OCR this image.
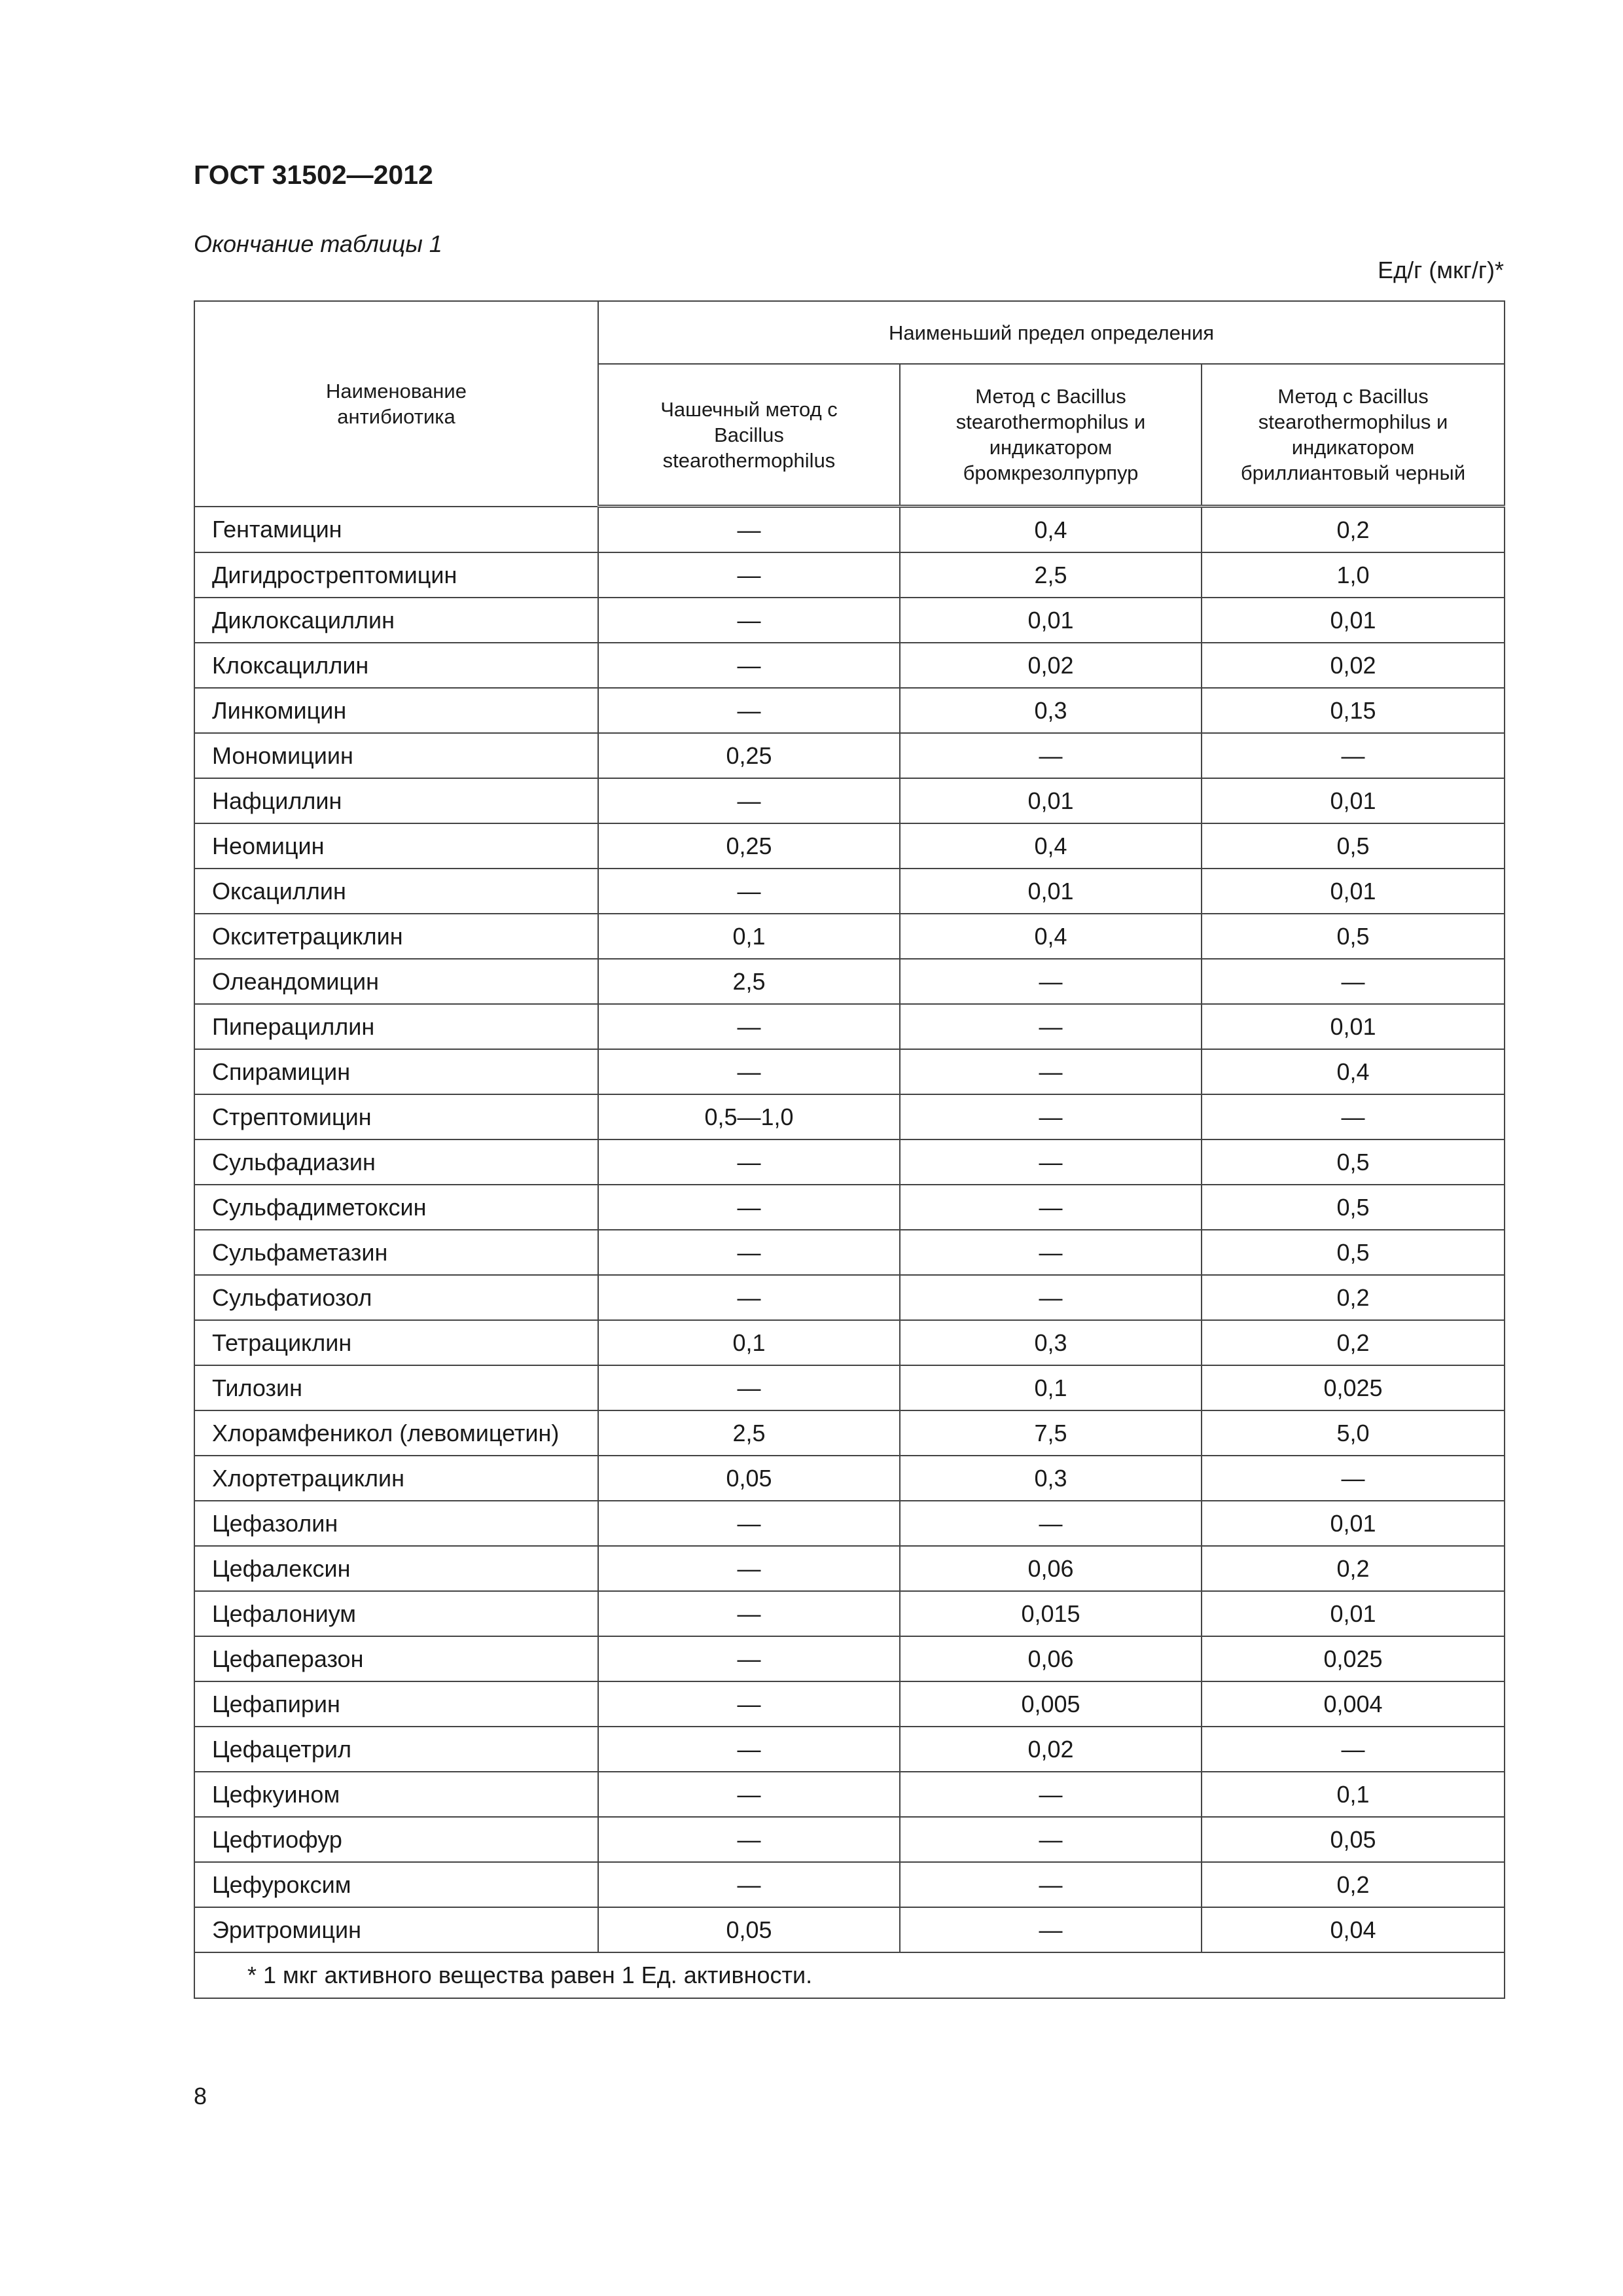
ГОСТ 31502—2012
Окончание таблицы 1
Ед/г (мкг/г)*
Наименование антибиотика	Наименьший предел определения		
	Чашечный метод с Bacillus stearothermophilus	Метод с Bacillus stearothermophilus и индикатором бромкрезолпурпур	Метод с Bacillus stearothermophilus и индикатором бриллиантовый черный
Гентамицин	—	0,4	0,2
Дигидрострептомицин	—	2,5	1,0
Диклоксациллин	—	0,01	0,01
Клоксациллин	—	0,02	0,02
Линкомицин	—	0,3	0,15
Мономициин	0,25	—	—
Нафциллин	—	0,01	0,01
Неомицин	0,25	0,4	0,5
Оксациллин	—	0,01	0,01
Окситетрациклин	0,1	0,4	0,5
Олеандомицин	2,5	—	—
Пиперациллин	—	—	0,01
Спирамицин	—	—	0,4
Стрептомицин	0,5—1,0	—	—
Сульфадиазин	—	—	0,5
Сульфадиметоксин	—	—	0,5
Сульфаметазин	—	—	0,5
Сульфатиозол	—	—	0,2
Тетрациклин	0,1	0,3	0,2
Тилозин	—	0,1	0,025
Хлорамфеникол (левомицетин)	2,5	7,5	5,0
Хлортетрациклин	0,05	0,3	—
Цефазолин	—	—	0,01
Цефалексин	—	0,06	0,2
Цефалониум	—	0,015	0,01
Цефаперазон	—	0,06	0,025
Цефапирин	—	0,005	0,004
Цефацетрил	—	0,02	—
Цефкуином	—	—	0,1
Цефтиофур	—	—	0,05
Цефуроксим	—	—	0,2
Эритромицин	0,05	—	0,04
* 1 мкг активного вещества равен 1 Ед. активности.			
8
